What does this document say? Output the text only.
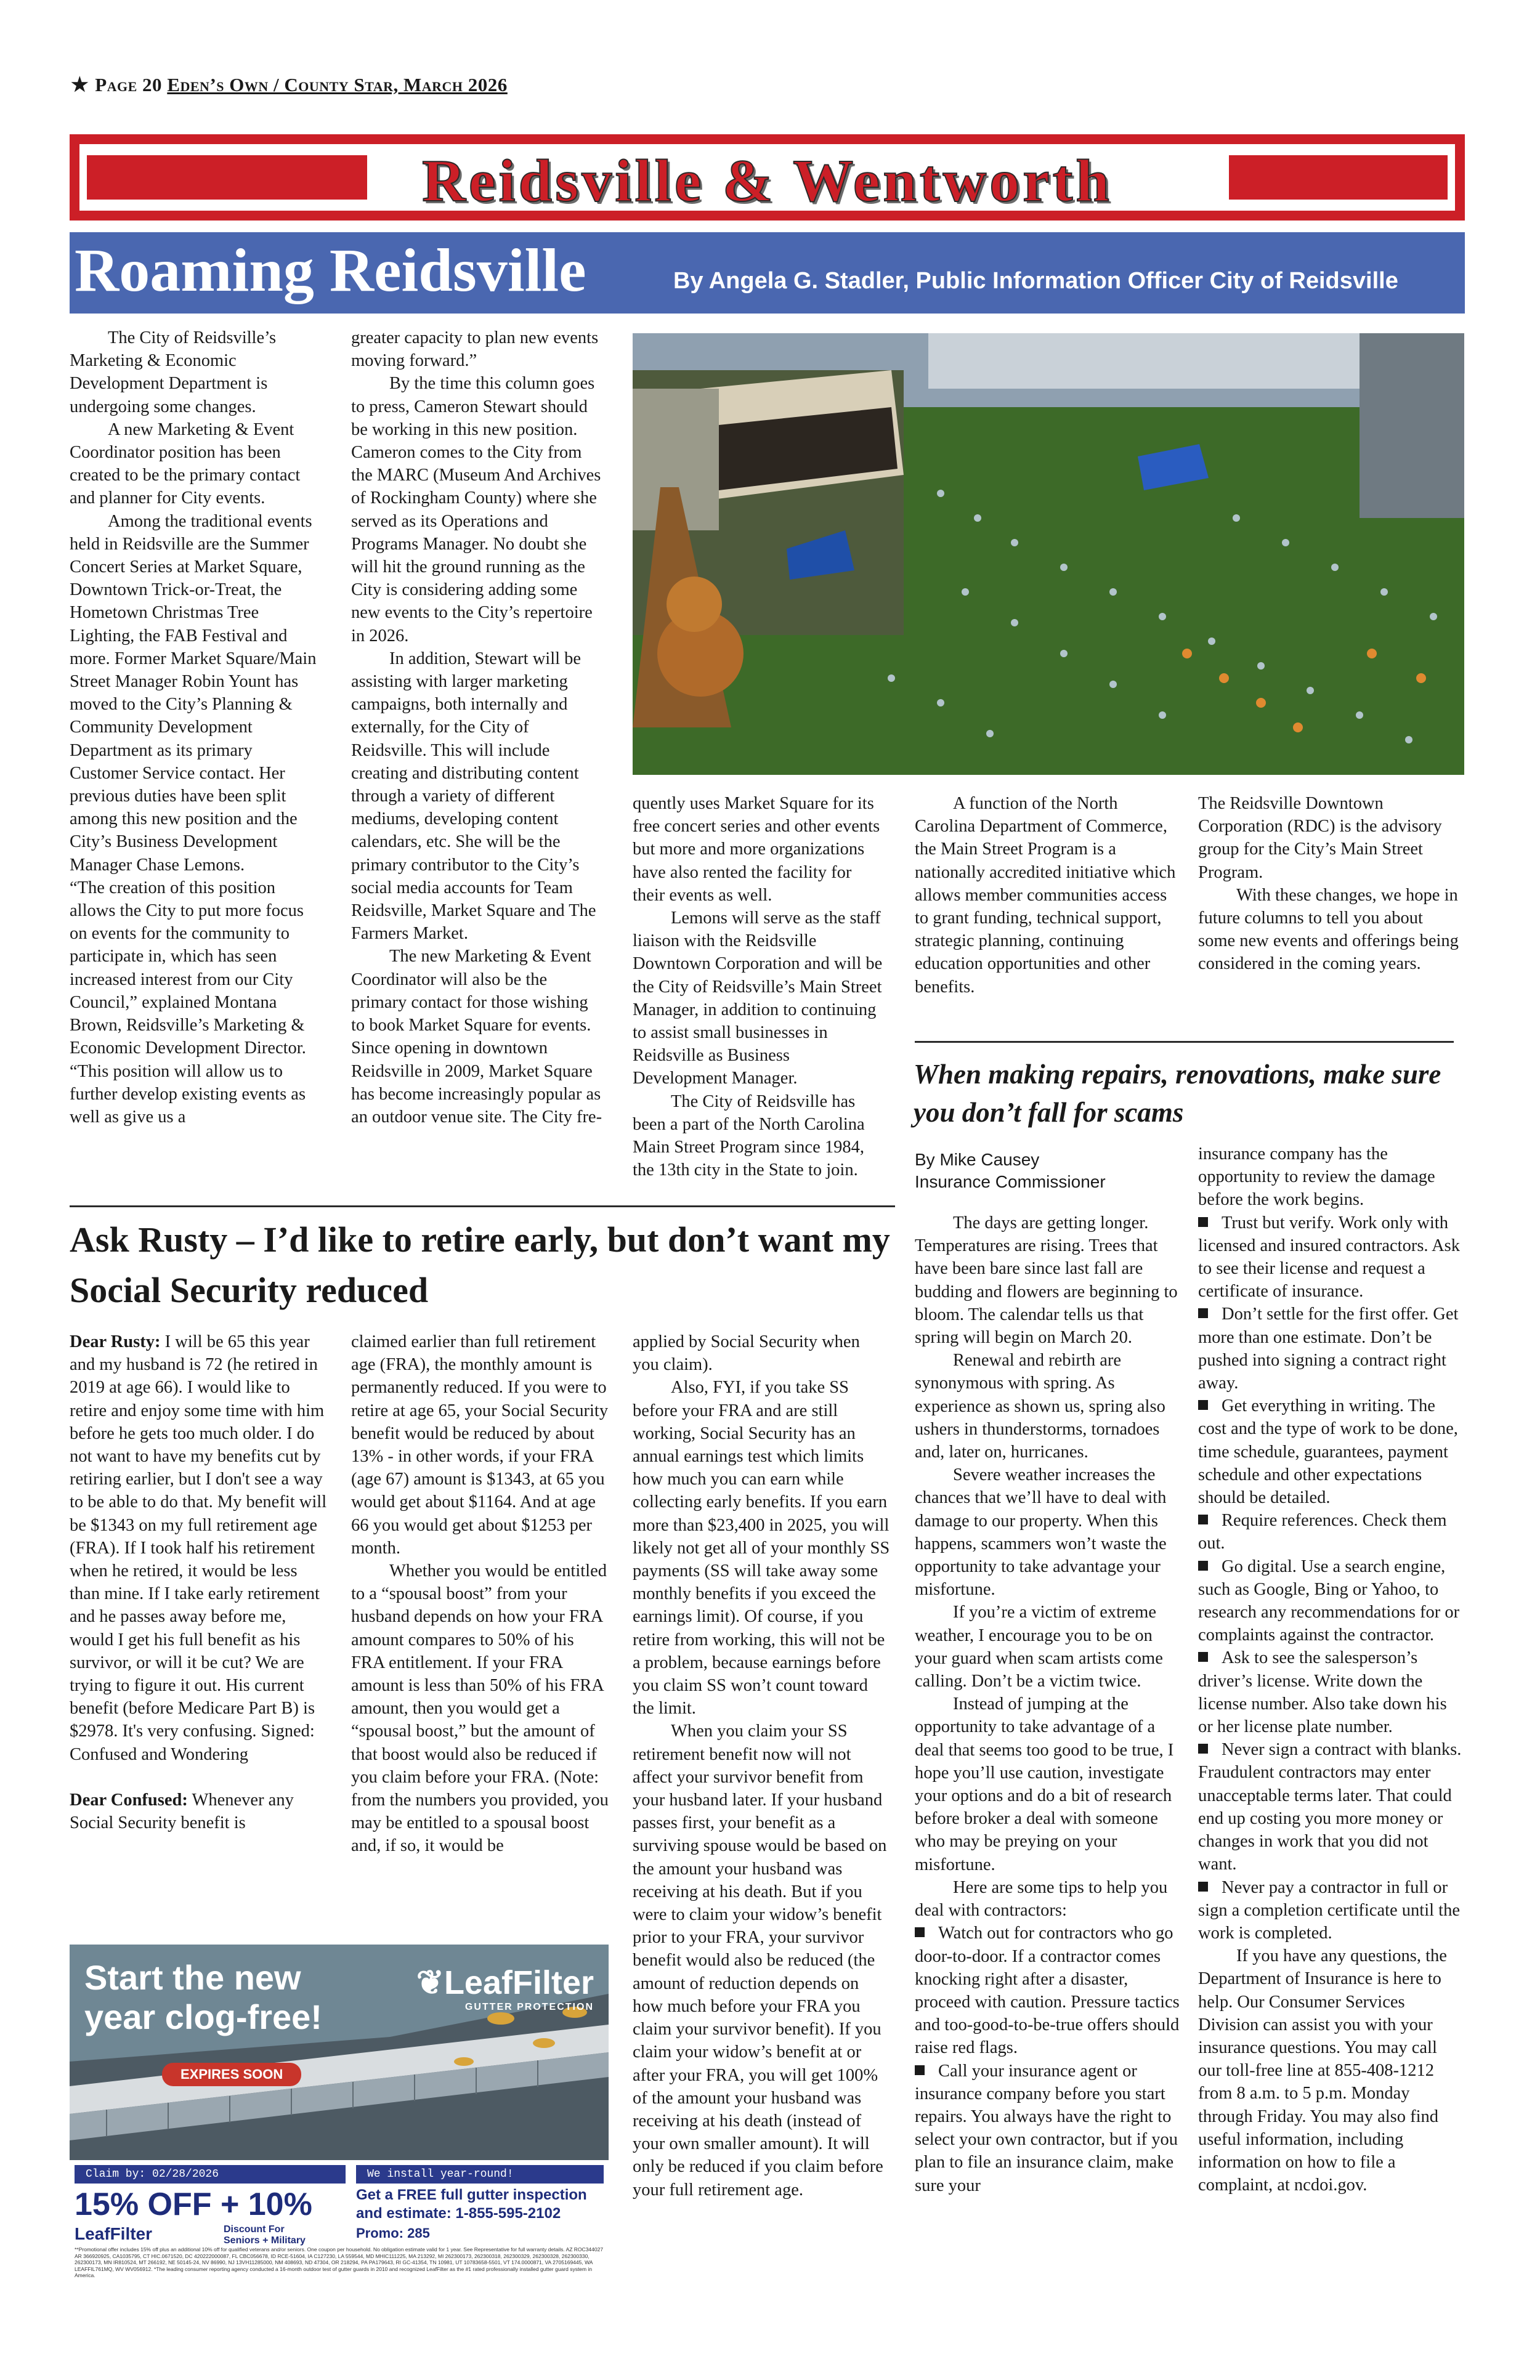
★ Page 20 Eden’s Own / County Star, March 2026
Reidsville & Wentworth
Roaming Reidsville	By Angela G. Stadler, Public Information Officer City of Reidsville

The City of Reidsville’s Marketing & Economic Development Department is undergoing some changes.

A new Marketing & Event Coordinator position has been created to be the primary contact and planner for City events.

Among the traditional events held in Reidsville are the Summer Concert Series at Market Square, Downtown Trick-or-Treat, the Hometown Christmas Tree Lighting, the FAB Festival and more. Former Market Square/Main Street Manager Robin Yount has moved to the City’s Planning & Community Development Department as its primary Customer Service contact. Her previous duties have been split among this new position and the City’s Business Development Manager Chase Lemons.

“The creation of this position allows the City to put more focus on events for the community to participate in, which has seen increased interest from our City Council,” explained Montana Brown, Reidsville’s Marketing & Economic Development Director. “This position will allow us to further develop existing events as well as give us a

greater capacity to plan new events moving forward.”

By the time this column goes to press, Cameron Stewart should be working in this new position. Cameron comes to the City from the MARC (Museum And Archives of Rockingham County) where she served as its Operations and Programs Manager. No doubt she will hit the ground running as the City is considering adding some new events to the City’s repertoire in 2026.

In addition, Stewart will be assisting with larger marketing campaigns, both internally and externally, for the City of Reidsville. This will include creating and distributing content through a variety of different mediums, developing content calendars, etc. She will be the primary contributor to the City’s social media accounts for Team Reidsville, Market Square and The Farmers Market.

The new Marketing & Event Coordinator will also be the primary contact for those wishing to book Market Square for events. Since opening in downtown Reidsville in 2009, Market Square has become increasingly popular as an outdoor venue site. The City fre-

quently uses Market Square for its free concert series and other events but more and more organizations have also rented the facility for their events as well.

Lemons will serve as the staff liaison with the Reidsville Downtown Corporation and will be the City of Reidsville’s Main Street Manager, in addition to continuing to assist small businesses in Reidsville as Business Development Manager.

The City of Reidsville has been a part of the North Carolina Main Street Program since 1984, the 13th city in the State to join.

A function of the North Carolina Department of Commerce, the Main Street Program is a nationally accredited initiative which allows member communities access to grant funding, technical support, strategic planning, continuing education opportunities and other benefits.

The Reidsville Downtown Corporation (RDC) is the advisory group for the City’s Main Street Program.

With these changes, we hope in future columns to tell you about some new events and offerings being considered in the coming years.

When making repairs, renovations, make sure you don’t fall for scams
By Mike Causey
Insurance Commissioner

The days are getting longer. Temperatures are rising. Trees that have been bare since last fall are budding and flowers are beginning to bloom. The calendar tells us that spring will begin on March 20.

Renewal and rebirth are synonymous with spring. As experience as shown us, spring also ushers in thunderstorms, tornadoes and, later on, hurricanes.

Severe weather increases the chances that we’ll have to deal with damage to our property. When this happens, scammers won’t waste the opportunity to take advantage your misfortune.

If you’re a victim of extreme weather, I encourage you to be on your guard when scam artists come calling. Don’t be a victim twice.

Instead of jumping at the opportunity to take advantage of a deal that seems too good to be true, I hope you’ll use caution, investigate your options and do a bit of research before broker a deal with someone who may be preying on your misfortune.

Here are some tips to help you deal with contractors:

Watch out for contractors who go door-to-door. If a contractor comes knocking right after a disaster, proceed with caution. Pressure tactics and too-good-to-be-true offers should raise red flags.

Call your insurance agent or insurance company before you start repairs. You always have the right to select your own contractor, but if you plan to file an insurance claim, make sure your

insurance company has the opportunity to review the damage before the work begins.

Trust but verify. Work only with licensed and insured contractors. Ask to see their license and request a certificate of insurance.

Don’t settle for the first offer. Get more than one estimate. Don’t be pushed into signing a contract right away.

Get everything in writing. The cost and the type of work to be done, time schedule, guarantees, payment schedule and other expectations should be detailed.

Require references. Check them out.

Go digital. Use a search engine, such as Google, Bing or Yahoo, to research any recommendations for or complaints against the contractor.

Ask to see the salesperson’s driver’s license. Write down the license number. Also take down his or her license plate number.

Never sign a contract with blanks. Fraudulent contractors may enter unacceptable terms later. That could end up costing you more money or changes in work that you did not want.

Never pay a contractor in full or sign a completion certificate until the work is completed.

If you have any questions, the Department of Insurance is here to help. Our Consumer Services Division can assist you with your insurance questions. You may call our toll-free line at 855-408-1212 from 8 a.m. to 5 p.m. Monday through Friday. You may also find useful information, including information on how to file a complaint, at ncdoi.gov.

Ask Rusty – I’d like to retire early, but don’t want my Social Security reduced

Dear Rusty: I will be 65 this year and my husband is 72 (he retired in 2019 at age 66). I would like to retire and enjoy some time with him before he gets too much older. I do not want to have my benefits cut by retiring earlier, but I don't see a way to be able to do that. My benefit will be $1343 on my full retirement age (FRA). If I took half his retirement when he retired, it would be less than mine. If I take early retirement and he passes away before me, would I get his full benefit as his survivor, or will it be cut? We are trying to figure it out. His current benefit (before Medicare Part B) is $2978. It's very confusing. Signed: Confused and Wondering

Dear Confused: Whenever any Social Security benefit is

claimed earlier than full retirement age (FRA), the monthly amount is permanently reduced. If you were to retire at age 65, your Social Security benefit would be reduced by about 13% - in other words, if your FRA (age 67) amount is $1343, at 65 you would get about $1164. And at age 66 you would get about $1253 per month.

Whether you would be entitled to a “spousal boost” from your husband depends on how your FRA amount compares to 50% of his FRA entitlement. If your FRA amount is less than 50% of his FRA amount, then you would get a “spousal boost,” but the amount of that boost would also be reduced if you claim before your FRA. (Note: from the numbers you provided, you may be entitled to a spousal boost and, if so, it would be

applied by Social Security when you claim).

Also, FYI, if you take SS before your FRA and are still working, Social Security has an annual earnings test which limits how much you can earn while collecting early benefits. If you earn more than $23,400 in 2025, you will likely not get all of your monthly SS payments (SS will take away some monthly benefits if you exceed the earnings limit). Of course, if you retire from working, this will not be a problem, because earnings before you claim SS won’t count toward the limit.

When you claim your SS retirement benefit now will not affect your survivor benefit from your husband later. If your husband passes first, your benefit as a surviving spouse would be based on the amount your husband was receiving at his death. But if you were to claim your widow’s benefit prior to your FRA, your survivor benefit would also be reduced (the amount of reduction depends on how much before your FRA you claim your survivor benefit). If you claim your widow’s benefit at or after your FRA, you will get 100% of the amount your husband was receiving at his death (instead of your own smaller amount). It will only be reduced if you claim before your full retirement age.

Start the new
year clog-free!
❦LeafFilter
GUTTER PROTECTION
EXPIRES SOON
Claim by: 02/28/2026	We install year-round!
15% OFF + 10%
LeafFilter	Discount For
Seniors + Military
Get a FREE full gutter inspection and estimate: 1-855-595-2102
Promo: 285
**Promotional offer includes 15% off plus an additional 10% off for qualified veterans and/or seniors. One coupon per household. No obligation estimate valid for 1 year. See Representative for full warranty details. AZ ROC344027 AR 366920925, CA1035795, CT HIC.0671520, DC 420222000087, FL CBC056678, ID RCE-51604, IA C127230, LA 559544, MD MHIC111225, MA 213292, MI 262300173, 262300318, 262300329, 262300328, 262300330, 262300173, MN IR810524, MT 266192, NE 50145-24, NV 86990, NJ 13VH11285000, NM 408693, ND 47304, OR 218294, PA PA179643, RI GC-41354, TN 10981, UT 10783658-5501, VT 174.0000871, VA 2705169445, WA LEAFFIL761MQ, WV WV056912. *The leading consumer reporting agency conducted a 16-month outdoor test of gutter guards in 2010 and recognized LeafFilter as the #1 rated professionally installed gutter guard system in America.
